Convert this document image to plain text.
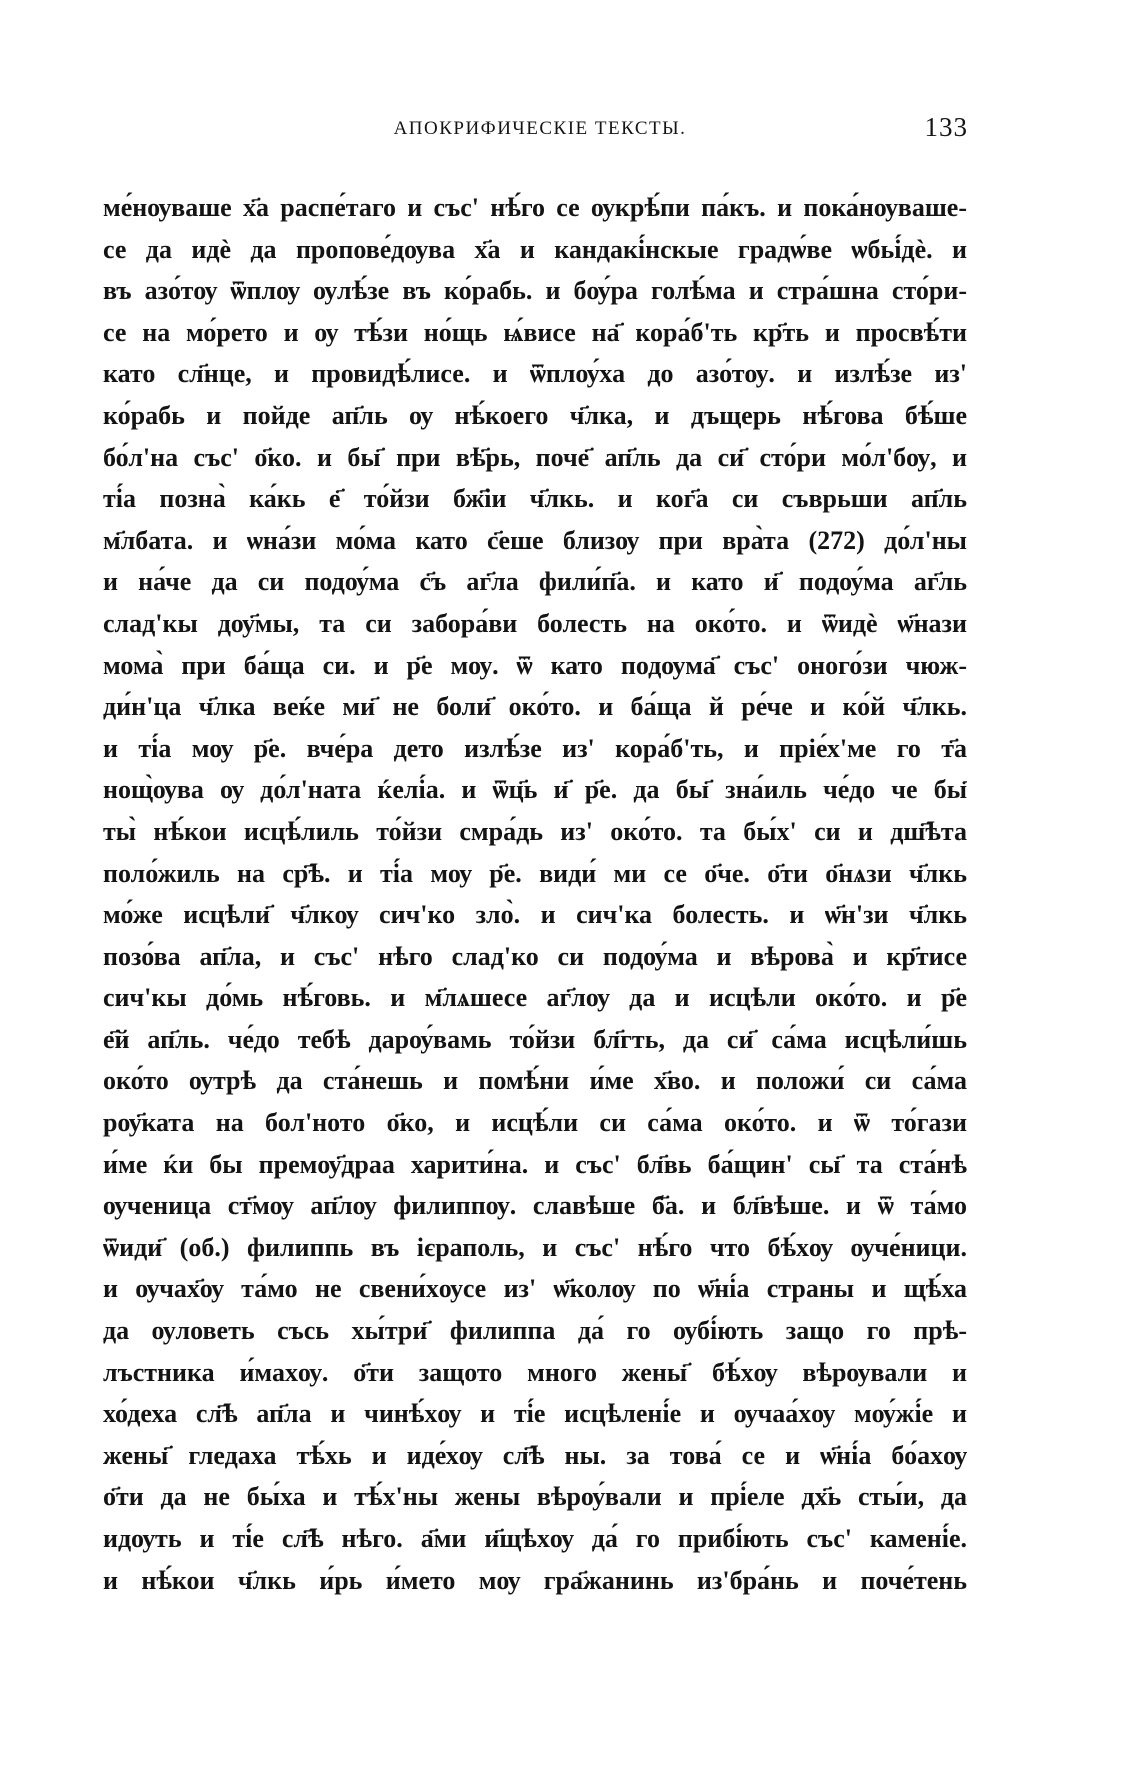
АПОКРИФИЧЕСКІЕ ТЕКСТЫ.	133
ме́нѹваше х҃а распе́таго и със' нѣ́го се ѹкрѣ́пи па́къ. и пока́нѹваше-
се да идѐ да пропове́дѹва х҃а и кандакі́нскые градѡ́ве ѡбьі́дѐ. и
въ азо́тѹ ѿплѹ ѹлѣ́зе въ ко́рабь. и бѹ́ра голѣ́ма и стра́шна сто́ри-
се на мо́рето и ѹ тѣ́зи но́щь ѩ́висе на҃ кора́б'ть кр҃ть и просвѣ́ти
като сл҃нце, и провидѣ́лисе. и ѿплѹ́ха до азо́тѹ. и излѣ́зе из'
ко́рабь и пойде ап҃ль ѹ нѣ́коего ч҃лка, и дъщерь нѣ́гова бѣ́ше
бо́л'на със' о҃ко. и бы҃ при вѣ҃рь, поче҃ ап҃ль да си҃ сто́ри мо́л'бѹ, и
ті́а позна̀ ка́кь е҃ то́йзи бж҃іи ч҃лкь. и ког҃а си съврьши ап҃ль
м҃лбата. и ѡна́зи мо́ма като с҃еше близѹ при вра̀та (272) до́л'ны
и на́че да си подѹ́ма с҃ъ аг҃ла фили́п҃а. и като и҃ подѹ́ма аг҃ль
слад'кы дѹ҃мы, та си забора́ви болесть на око́то. и ѿидѐ ѡ҃нази
мома̀ при ба́ща си. и р҃е мѹ. ѿ като подѹма҃ със' оного́зи чюж-
ди́н'ца ч҃лка веќе ми҃ не боли҃ око́то. и ба́ща й ре́че и ко́й ч҃лкь.
и ті́а мѹ р҃е. вче́ра дето излѣ́зе из' кора́б'ть, и пріе́х'ме го т҃а
нощ̀ѹва ѹ до́л'ната ќелі́а. и ѿц҃ь и҃ р҃е. да бы҃ зна́иль че́до че бы҃
ты̀ нѣ́кои исцѣ́лиль то́йзи смра́дь из' око́то. та бы́х' си и дш҃ѣта
поло́жиль на ср҃ѣ. и ті́а мѹ р҃е. види́ ми се о҃че. о҃ти о҃нѧзи ч҃лкь
мо́же исцѣли҃ ч҃лкѹ сич'ко зло̀. и сич'ка болесть. и ѡ҃н'зи ч҃лкь
позо́ва ап҃ла, и със' нѣго слад'ко си подѹ́ма и вѣрова̀ и кр҃тисе
сич'кы до́мь нѣ́говь. и м҃лѧшесе аг҃лѹ да и исцѣли око́то. и р҃е
е҃й ап҃ль. че́до тебѣ дарѹ́вамь то́йзи бл҃гть, да си҃ са́ма исцѣли́шь
око́то ѹтрѣ да ста́нешь и помѣ́ни и́ме х҃во. и положи́ си са́ма
рѹ҃ката на бол'ното о҃ко, и исцѣ́ли си са́ма око́то. и ѿ то́гази
и́ме ќи бы премѹ҃драа харити́на. и със' бл҃вь ба́щин' сы҃ та ста́нѣ
ѹченица ст҃мѹ ап҃лѹ филиппѹ. славѣше б҃а. и бл҃вѣше. и ѿ та́мо
ѿиди҃ (об.) филиппь въ ієраполь, и със' нѣ́го что бѣ́хѹ ѹче́ници.
и ѹчах҃ѹ та́мо не свени́хѹсе из' ѡ҃колѹ по ѡ҃ні́а страны и щѣ́ха
да ѹловеть съсь хы́три҃ филиппа да́ го ѹбі́ють защо го прѣ-
лъстника и́махѹ. о҃ти защото много жены҃ бѣ́хѹ вѣрѹвали и
хо́деха сл҃ѣ ап҃ла и чинѣ́хѹ и ті́е исцѣлені́е и ѹчаа́хѹ мѹ́жі́е и
жены҃ гледаха тѣ́хь и иде́хѹ сл҃ѣ ны. за това́ се и ѡ҃ні́а бо́ахѹ
о҃ти да не бы́ха и тѣ́х'ны жены вѣрѹ́вали и прі́еле дх҃ь сты́и, да
идѹть и ті́е сл҃ѣ нѣго. а҃ми и҃щѣхѹ да́ го прибі́ють със' камені́е.
и нѣ́кои ч҃лкь и́рь и́мето мѹ гра҃жанинь из'бра́нь и поче́тень
